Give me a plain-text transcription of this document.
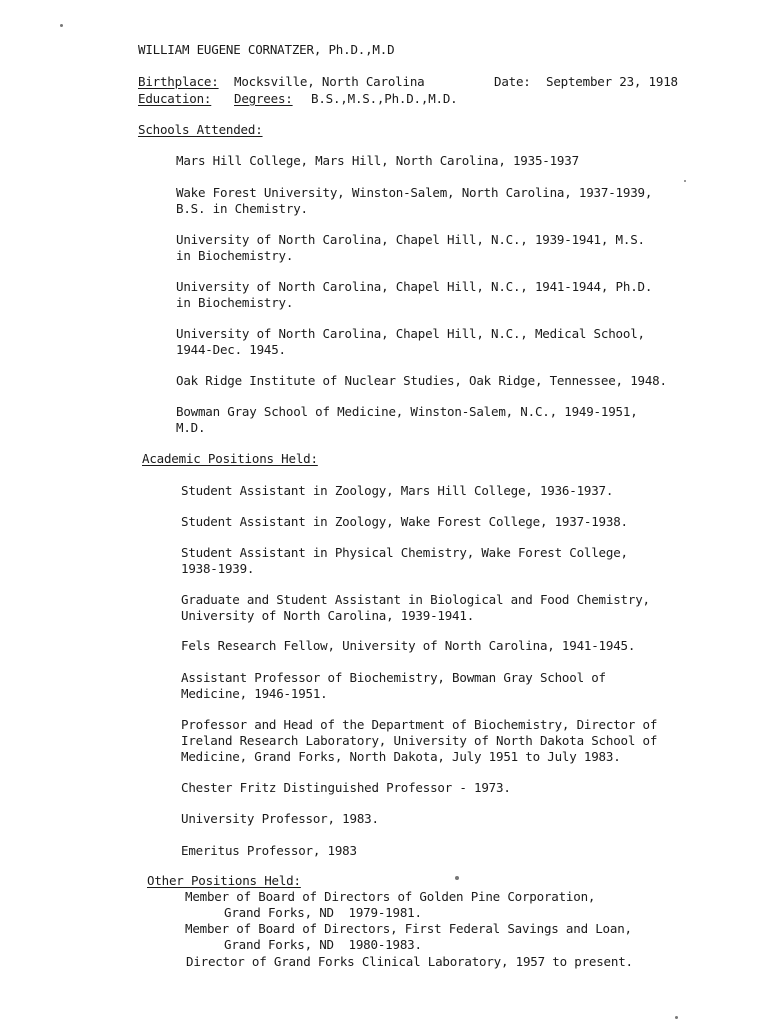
WILLIAM EUGENE CORNATZER, Ph.D.,M.D
Birthplace: Mocksville, North Carolina	Date: September 23, 1918
Education: Degrees: B.S.,M.S.,Ph.D.,M.D.
Schools Attended:
Mars Hill College, Mars Hill, North Carolina, 1935-1937
Wake Forest University, Winston-Salem, North Carolina, 1937-1939,
B.S. in Chemistry.
University of North Carolina, Chapel Hill, N.C., 1939-1941, M.S.
in Biochemistry.
University of North Carolina, Chapel Hill, N.C., 1941-1944, Ph.D.
in Biochemistry.
University of North Carolina, Chapel Hill, N.C., Medical School,
1944-Dec. 1945.
Oak Ridge Institute of Nuclear Studies, Oak Ridge, Tennessee, 1948.
Bowman Gray School of Medicine, Winston-Salem, N.C., 1949-1951,
M.D.
Academic Positions Held:
Student Assistant in Zoology, Mars Hill College, 1936-1937.
Student Assistant in Zoology, Wake Forest College, 1937-1938.
Student Assistant in Physical Chemistry, Wake Forest College,
1938-1939.
Graduate and Student Assistant in Biological and Food Chemistry,
University of North Carolina, 1939-1941.
Fels Research Fellow, University of North Carolina, 1941-1945.
Assistant Professor of Biochemistry, Bowman Gray School of
Medicine, 1946-1951.
Professor and Head of the Department of Biochemistry, Director of
Ireland Research Laboratory, University of North Dakota School of
Medicine, Grand Forks, North Dakota, July 1951 to July 1983.
Chester Fritz Distinguished Professor - 1973.
University Professor, 1983.
Emeritus Professor, 1983
Other Positions Held:
Member of Board of Directors of Golden Pine Corporation,
Grand Forks, ND  1979-1981.
Member of Board of Directors, First Federal Savings and Loan,
Grand Forks, ND  1980-1983.
Director of Grand Forks Clinical Laboratory, 1957 to present.
